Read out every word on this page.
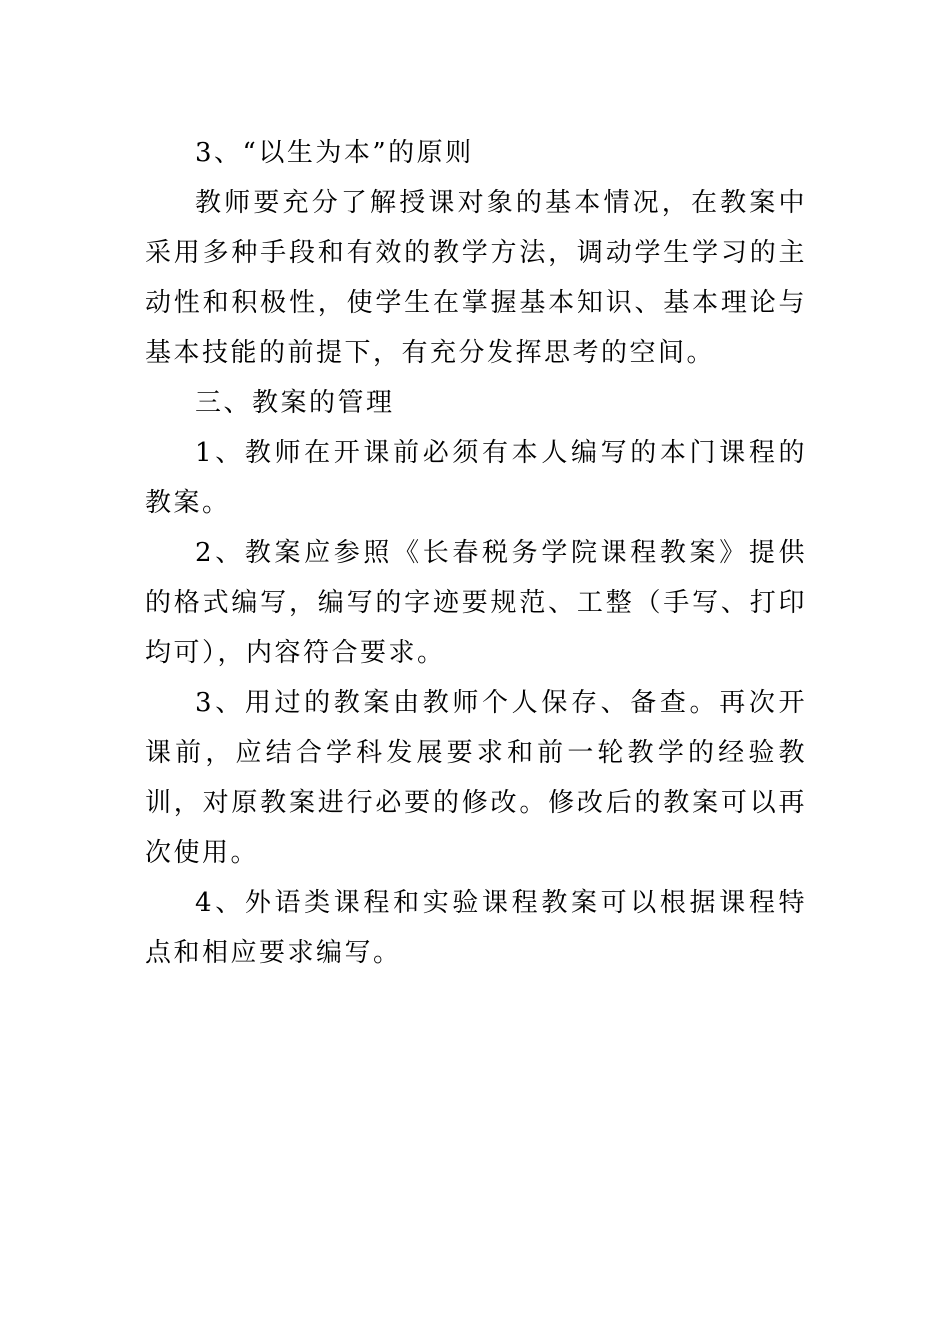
3、“以生为本”的原则

教师要充分了解授课对象的基本情况，在教案中采用多种手段和有效的教学方法，调动学生学习的主动性和积极性，使学生在掌握基本知识、基本理论与基本技能的前提下，有充分发挥思考的空间。

三、教案的管理

1、教师在开课前必须有本人编写的本门课程的教案。

2、教案应参照《长春税务学院课程教案》提供的格式编写，编写的字迹要规范、工整（手写、打印均可），内容符合要求。

3、用过的教案由教师个人保存、备查。再次开课前，应结合学科发展要求和前一轮教学的经验教训，对原教案进行必要的修改。修改后的教案可以再次使用。

4、外语类课程和实验课程教案可以根据课程特点和相应要求编写。
